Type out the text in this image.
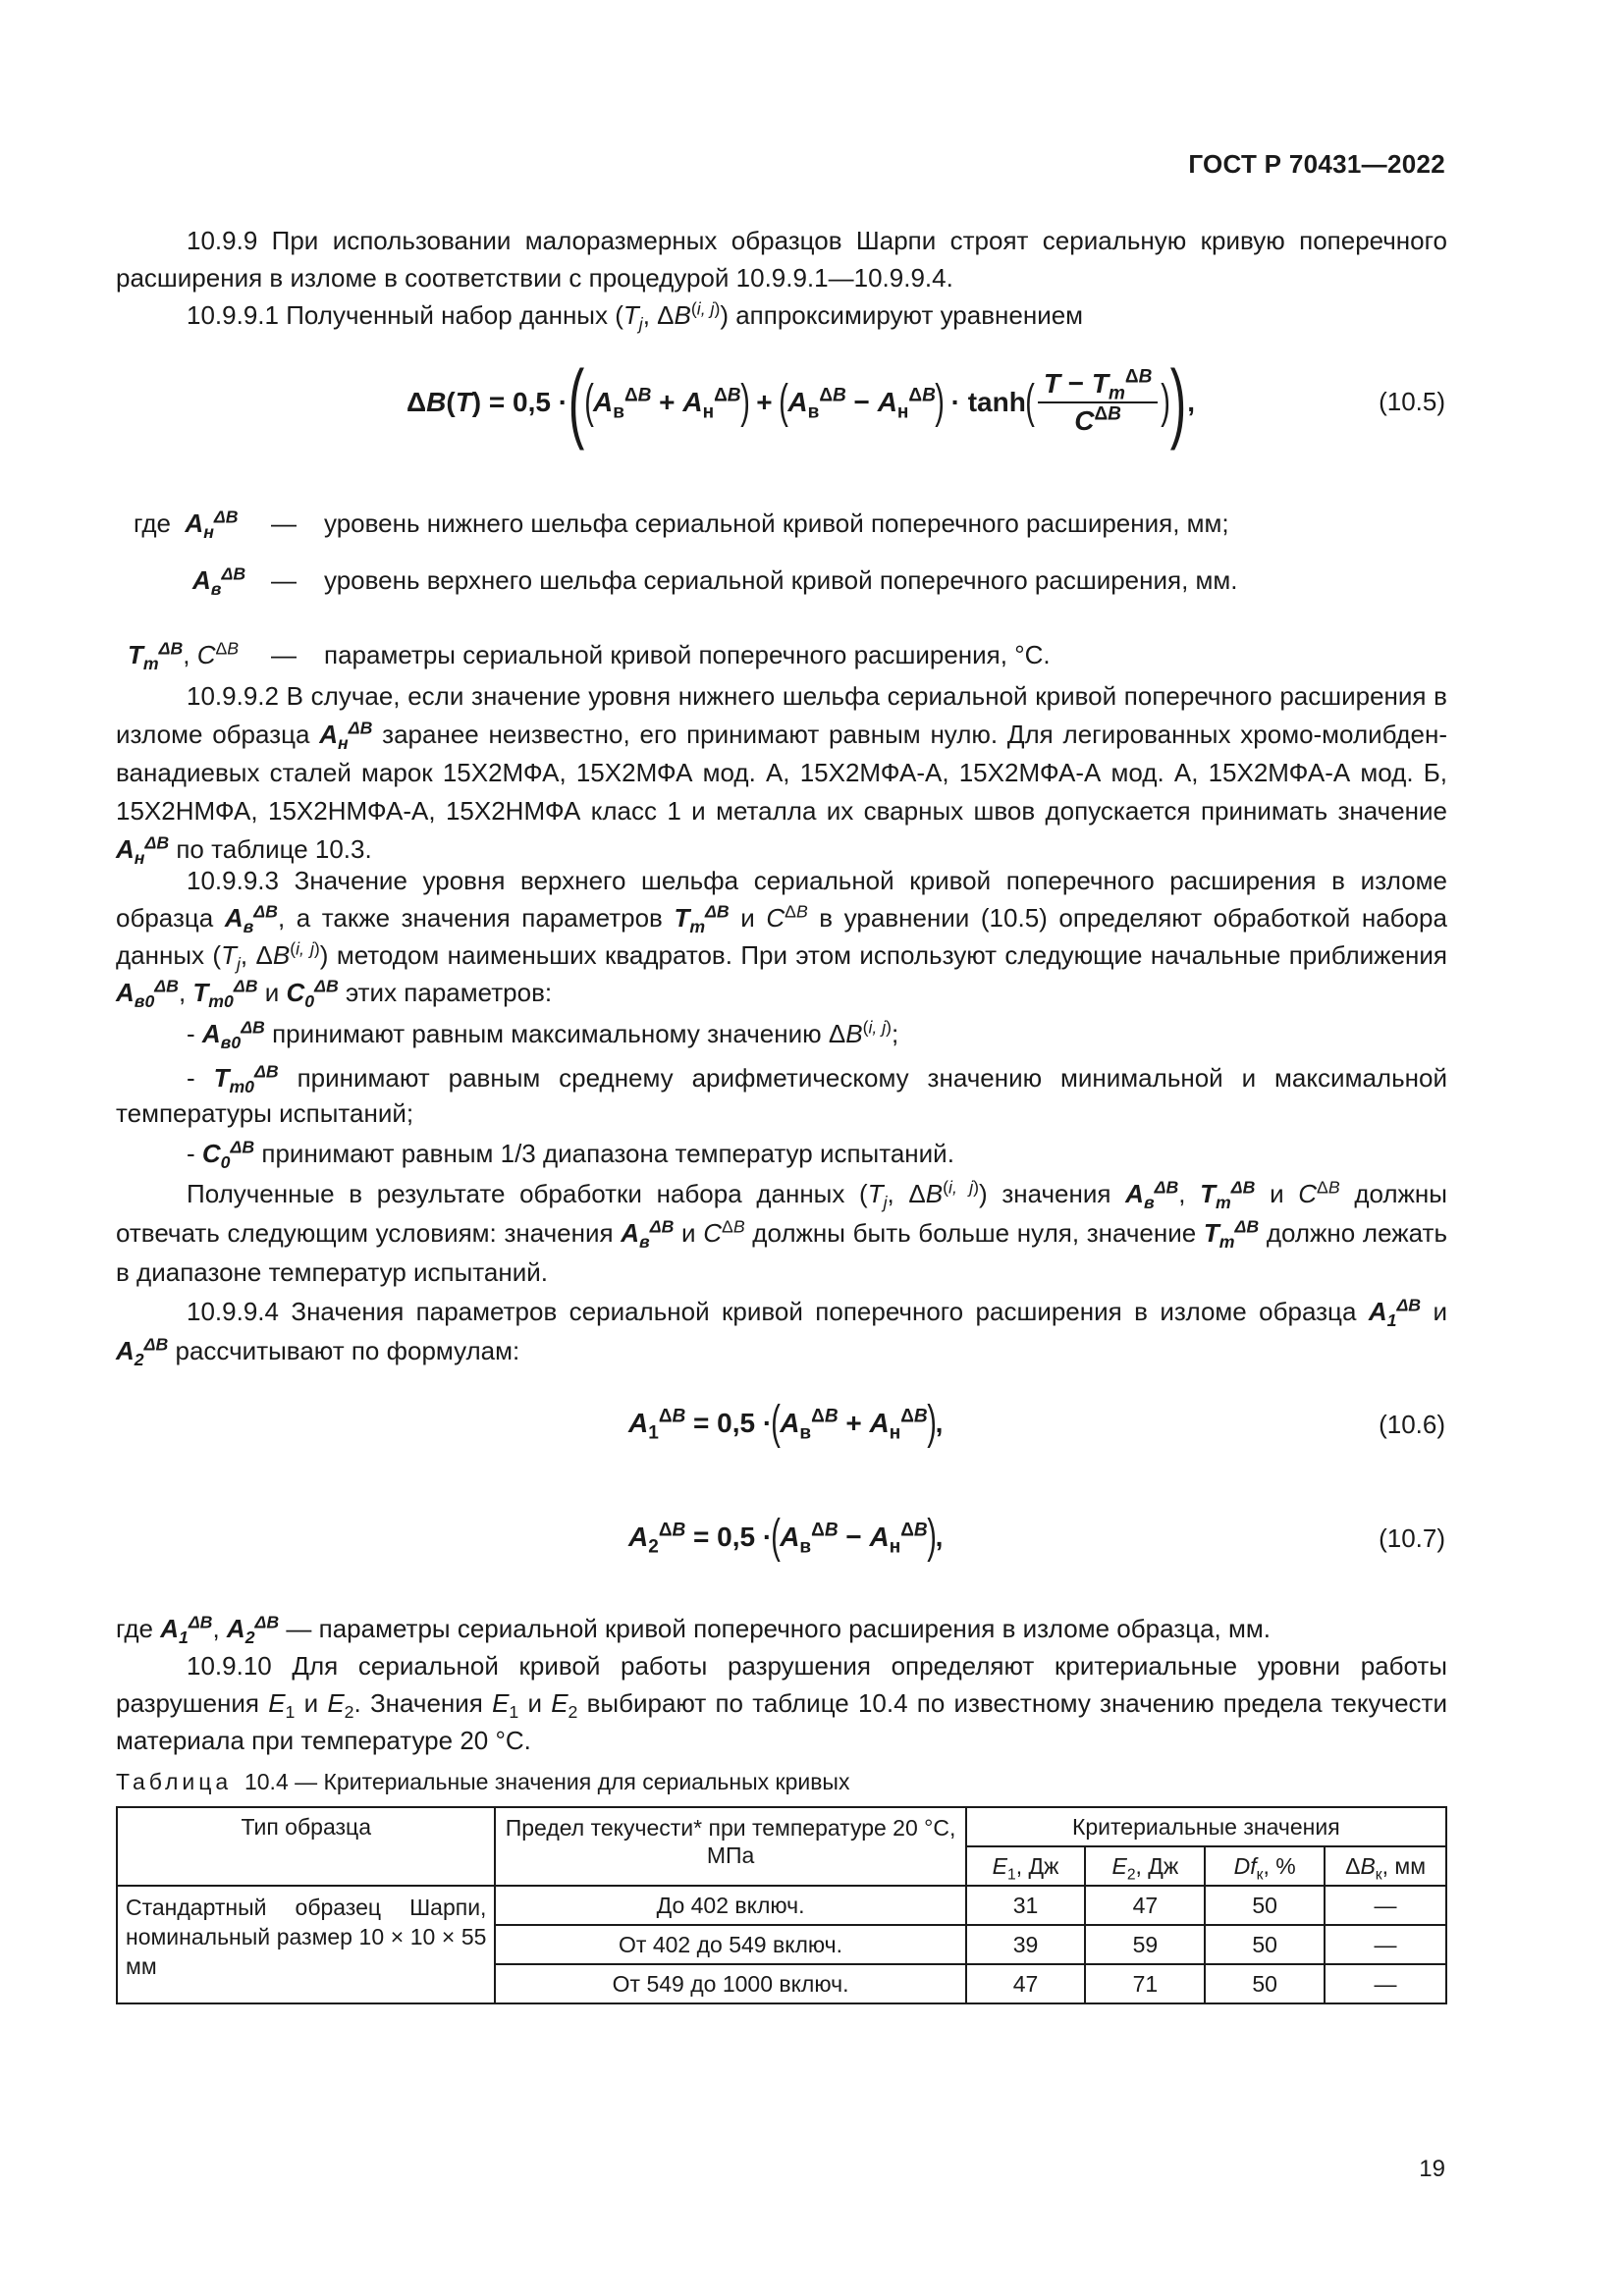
ГОСТ Р 70431—2022
10.9.9 При использовании малоразмерных образцов Шарпи строят сериальную кривую поперечного расширения в изломе в соответствии с процедурой 10.9.9.1—10.9.9.4.
10.9.9.1 Полученный набор данных ($T_j$, ΔB$^{(i, j)}$) аппроксимируют уравнением
ΔB(T) = 0,5 · ( ( $A_в^{\Delta B} + A_н^{\Delta B}$ ) + ( $A_в^{\Delta B} - A_н^{\Delta B}$ ) · tanh ( $\frac{T - T_m^{\Delta B}}{C^{\Delta B}}$ ) ) ,	(10.5)
где $A_н^{\Delta B}$ — уровень нижнего шельфа сериальной кривой поперечного расширения, мм;
$A_в^{\Delta B}$ — уровень верхнего шельфа сериальной кривой поперечного расширения, мм.
$T_m^{\Delta B}$, $C^{\Delta B}$ — параметры сериальной кривой поперечного расширения, °С.
10.9.9.2 В случае, если значение уровня нижнего шельфа сериальной кривой поперечного расширения в изломе образца $A_н^{\Delta B}$ заранее неизвестно, его принимают равным нулю. Для легированных хромо-молибден-ванадиевых сталей марок 15Х2МФА, 15Х2МФА мод. А, 15Х2МФА-А, 15Х2МФА-А мод. А, 15Х2МФА-А мод. Б, 15Х2НМФА, 15Х2НМФА-А, 15Х2НМФА класс 1 и металла их сварных швов допускается принимать значение $A_н^{\Delta B}$ по таблице 10.3.
10.9.9.3 Значение уровня верхнего шельфа сериальной кривой поперечного расширения в изломе образца $A_в^{\Delta B}$, а также значения параметров $T_m^{\Delta B}$ и $C^{\Delta B}$ в уравнении (10.5) определяют обработкой набора данных ($T_j$, ΔB$^{(i, j)}$) методом наименьших квадратов. При этом используют следующие начальные приближения $A_{в0}^{\Delta B}$, $T_{m0}^{\Delta B}$ и $C_0^{\Delta B}$ этих параметров:
- $A_{в0}^{\Delta B}$ принимают равным максимальному значению ΔB$^{(i, j)}$;
- $T_{m0}^{\Delta B}$ принимают равным среднему арифметическому значению минимальной и максимальной температуры испытаний;
- $C_0^{\Delta B}$ принимают равным 1/3 диапазона температур испытаний.
Полученные в результате обработки набора данных ($T_j$, ΔB$^{(i, j)}$) значения $A_в^{\Delta B}$, $T_m^{\Delta B}$ и $C^{\Delta B}$ должны отвечать следующим условиям: значения $A_в^{\Delta B}$ и $C^{\Delta B}$ должны быть больше нуля, значение $T_m^{\Delta B}$ должно лежать в диапазоне температур испытаний.
10.9.9.4 Значения параметров сериальной кривой поперечного расширения в изломе образца $A_1^{\Delta B}$ и $A_2^{\Delta B}$ рассчитывают по формулам:
$A_1^{\Delta B} = 0,5$ · ( $A_в^{\Delta B} + A_н^{\Delta B}$ ) ,	(10.6)
$A_2^{\Delta B} = 0,5$ · ( $A_в^{\Delta B} - A_н^{\Delta B}$ ) ,	(10.7)
где $A_1^{\Delta B}$, $A_2^{\Delta B}$ — параметры сериальной кривой поперечного расширения в изломе образца, мм.
10.9.10 Для сериальной кривой работы разрушения определяют критериальные уровни работы разрушения $E_1$ и $E_2$. Значения $E_1$ и $E_2$ выбирают по таблице 10.4 по известному значению предела текучести материала при температуре 20 °С.
Таблица 10.4 — Критериальные значения для сериальных кривых
Тип образца	Предел текучести* при температуре 20 °С, МПа	Критериальные значения			
		$E_1$, Дж	$E_2$, Дж	$Df_к$, %	$\Delta B_к$, мм
Стандартный образец Шарпи, номинальный размер 10 × 10 × 55 мм	До 402 включ.	31	47	50	—
	От 402 до 549 включ.	39	59	50	—
	От 549 до 1000 включ.	47	71	50	—
19
